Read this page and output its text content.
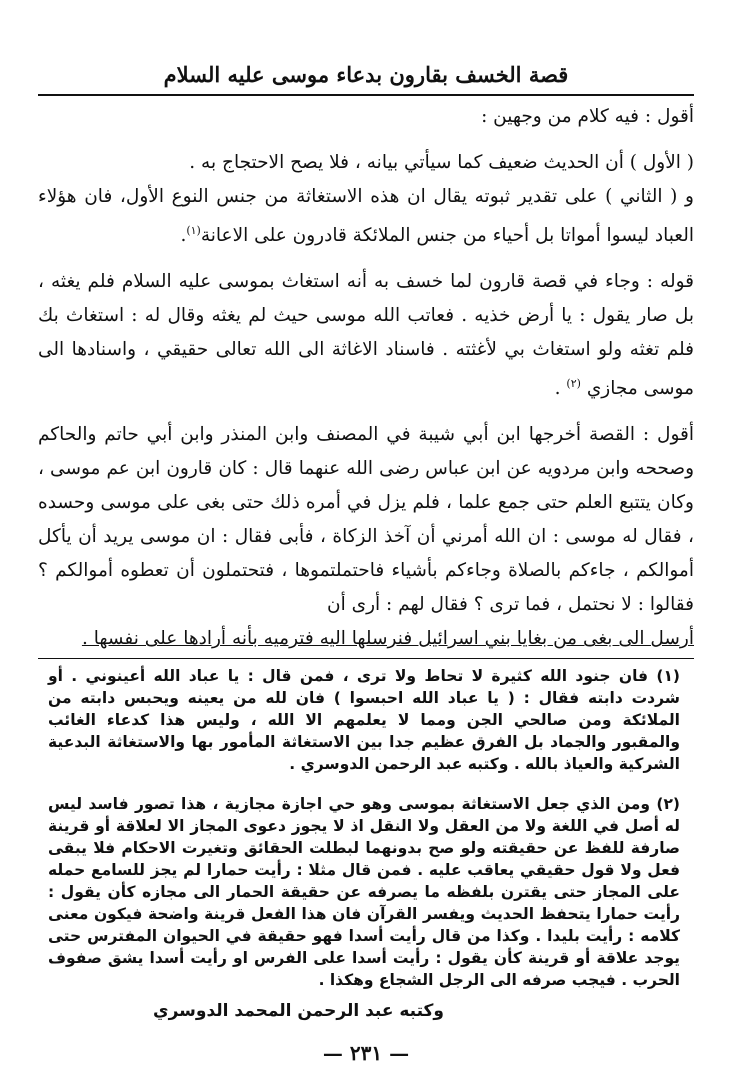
قصة الخسف بقارون بدعاء موسى عليه السلام

أقول : فيه كلام من وجهين :

( الأول ) أن الحديث ضعيف كما سيأتي بيانه ، فلا يصح الاحتجاج به ‏.

و ( الثاني ) على تقدير ثبوته يقال ان هذه الاستغاثة من جنس النوع الأول، فان هؤلاء العباد ليسوا أمواتا بل أحياء من جنس الملائكة قادرون على الاعانة$^{(١)}$‏.

قوله : وجاء في قصة قارون لما خسف به أنه استغاث بموسى عليه السلام فلم يغثه ، بل صار يقول : يا أرض خذيه ‏. فعاتب الله موسى حيث لم يغثه وقال له : استغاث بك فلم تغثه ولو استغاث بي لأغثته ‏. فاسناد الاغاثة الى الله تعالى حقيقي ، واسنادها الى موسى مجازي $^{(٢)}$ ‏.

أقول : القصة أخرجها ابن أبي شيبة في المصنف وابن المنذر وابن أبي حاتم والحاكم وصححه وابن مردويه عن ابن عباس رضى الله عنهما قال : كان قارون ابن عم موسى ، وكان يتتبع العلم حتى جمع علما ، فلم يزل في أمره ذلك حتى بغى على موسى وحسده ، فقال له موسى : ان الله أمرني أن آخذ الزكاة ، فأبى فقال : ان موسى يريد أن يأكل أموالكم ، جاءكم بالصلاة وجاءكم بأشياء فاحتملتموها ، فتحتملون أن تعطوه أموالكم ؟ فقالوا : لا نحتمل ، فما ترى ؟ فقال لهم : أرى أن

أرسل الى بغى من بغايا بني اسرائيل فنرسلها اليه فترميه بأنه أرادها على نفسها ‏.

(١) فان جنود الله كثيرة لا تحاط ولا ترى ، فمن قال : يا عباد الله أعينوني ‏. أو شردت دابته فقال : ( يا عباد الله احبسوا ) فان لله من يعينه ويحبس دابته من الملائكة ومن صالحي الجن ومما لا يعلمهم الا الله ، وليس هذا كدعاء الغائب والمقبور والجماد بل الفرق عظيم جدا بين الاستغاثة المأمور بها والاستغاثة البدعية الشركية والعياذ بالله ‏. وكتبه عبد الرحمن الدوسري ‏.

(٢) ومن الذي جعل الاستغاثة بموسى وهو حي اجازة مجازية ، هذا تصور فاسد ليس له أصل في اللغة ولا من العقل ولا النقل اذ لا يجوز دعوى المجاز الا لعلاقة أو قرينة صارفة للفظ عن حقيقته ولو صح بدونهما لبطلت الحقائق وتغيرت الاحكام فلا يبقى فعل ولا قول حقيقي يعاقب عليه ‏. فمن قال مثلا : رأيت حمارا لم يجز للسامع حمله على المجاز حتى يقترن بلفظه ما يصرفه عن حقيقة الحمار الى مجازه كأن يقول : رأيت حمارا يتحفظ الحديث ويفسر القرآن فان هذا الفعل قرينة واضحة فيكون معنى كلامه : رأيت بليدا ‏. وكذا من قال رأيت أسدا فهو حقيقة في الحيوان المفترس حتى يوجد علاقة أو قرينة كأن يقول : رأيت أسدا على الفرس او رأيت أسدا يشق صفوف الحرب ‏. فيجب صرفه الى الرجل الشجاع وهكذا ‏.

وكتبه عبد الرحمن المحمد الدوسري
— ٢٣١ —
